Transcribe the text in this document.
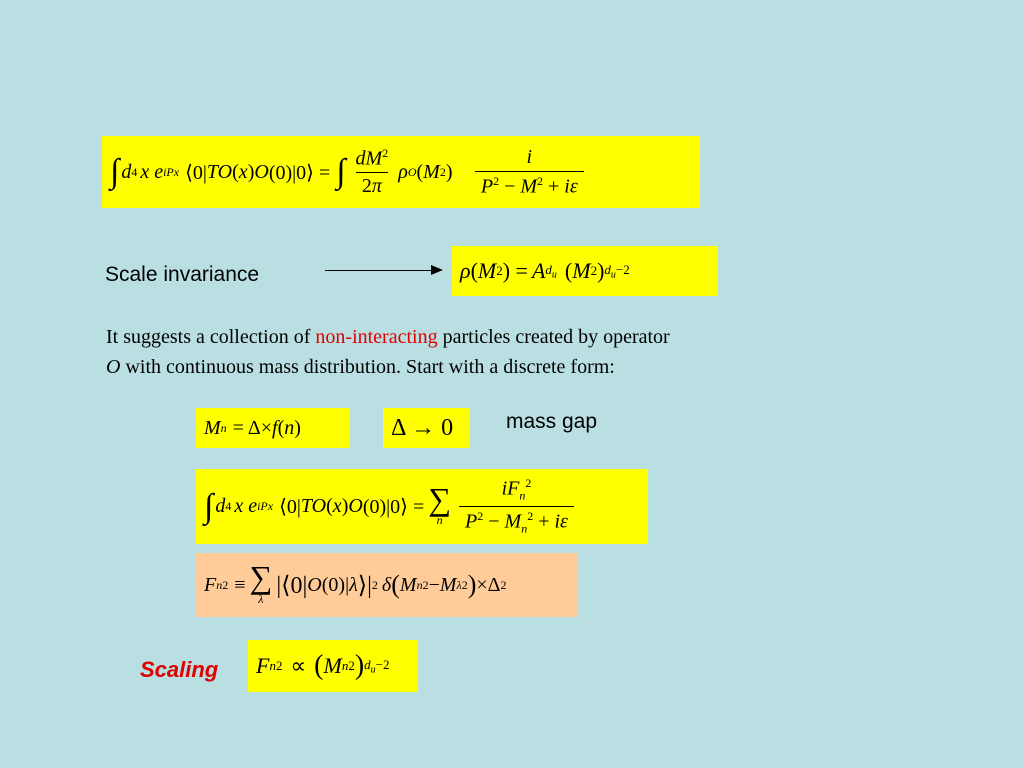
∫ d 4 x e iPx ⟨0| TO ( x ) O (0)|0⟩ = ∫ $\frac{dM^2}{2\pi}$ ρ O ( M 2 ) $\frac{i}{P^2 - M^2 + i\varepsilon}$
Scale invariance	ρ ( M 2 ) = A $d_u$ ( M 2 ) $d_u-2$
It suggests a collection of non-interacting particles created by operator
O with continuous mass distribution. Start with a discrete form:
M n = Δ× f ( n )	Δ → 0	mass gap
∫ d 4 x e iPx ⟨0| TO ( x ) O (0)|0⟩ = ∑
n $\frac{iF_n^2}{P^2 - M_n^2 + i\varepsilon}$
F n 2 ≡ ∑
λ
|⟨0| O (0)| λ ⟩| 2 δ ( M n 2 − M λ 2 ) ×Δ 2
Scaling F n 2 ∝ ( M n 2 ) $d_u-2$
